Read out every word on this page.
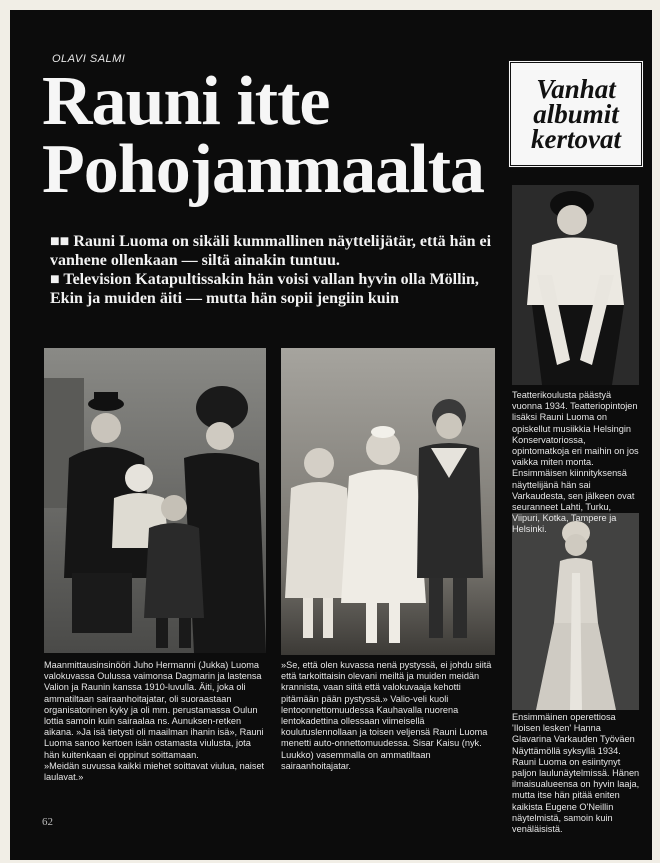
OLAVI SALMI
Rauni itte
Pohojanmaalta
Vanhat
albumit
kertovat

■■ Rauni Luoma on sikäli kummallinen näyttelijätär, että hän ei vanhene ollenkaan — siltä ainakin tuntuu.

■ Television Katapultissakin hän voisi vallan hyvin olla Möllin, Ekin ja muiden äiti — mutta hän sopii jengiin kuin

Maanmittausinsinööri Juho Hermanni (Jukka) Luoma valokuvassa Oulussa vaimonsa Dagmarin ja lastensa Valion ja Raunin kanssa 1910-luvulla. Äiti, joka oli ammatiltaan sairaanhoitajatar, oli suoraastaan organisatorinen kyky ja oli mm. perustamassa Oulun lottia samoin kuin sairaalaa ns. Aunuksen-retken aikana. »Ja isä tietysti oli maailman ihanin isä», Rauni Luoma sanoo kertoen isän ostamasta viulusta, jota hän kuitenkaan ei oppinut soittamaan.

»Meidän suvussa kaikki miehet soittavat viulua, naiset laulavat.»

»Se, että olen kuvassa nenä pystyssä, ei johdu siitä että tarkoittaisin olevani meiltä ja muiden meidän krannista, vaan siitä että valokuvaaja kehotti pitämään pään pystyssä.» Valio-veli kuoli lentoonnettomuudessa Kauhavalla nuorena lentokadettina ollessaan viimeisellä koulutuslennollaan ja toisen veljensä Rauni Luoma menetti auto-onnettomuudessa. Sisar Kaisu (nyk. Luukko) vasemmalla on ammatiltaan sairaanhoitajatar.

Teatterikoulusta päästyä vuonna 1934. Teatteriopintojen lisäksi Rauni Luoma on opiskellut musiikkia Helsingin Konservatoriossa, opintomatkoja eri maihin on jos vaikka miten monta. Ensimmäisen kiinnityksensä näyttelijänä hän sai Varkaudesta, sen jälkeen ovat seuranneet Lahti, Turku, Viipuri, Kotka, Tampere ja Helsinki.

Ensimmäinen operettiosa 'Iloisen lesken' Hanna Glavarina Varkauden Työväen Näyttämöllä syksyllä 1934. Rauni Luoma on esiintynyt paljon laulunäytelmissä. Hänen ilmaisualueensa on hyvin laaja, mutta itse hän pitää eniten kaikista Eugene O'Neillin näytelmistä, samoin kuin venäläisistä.

62
